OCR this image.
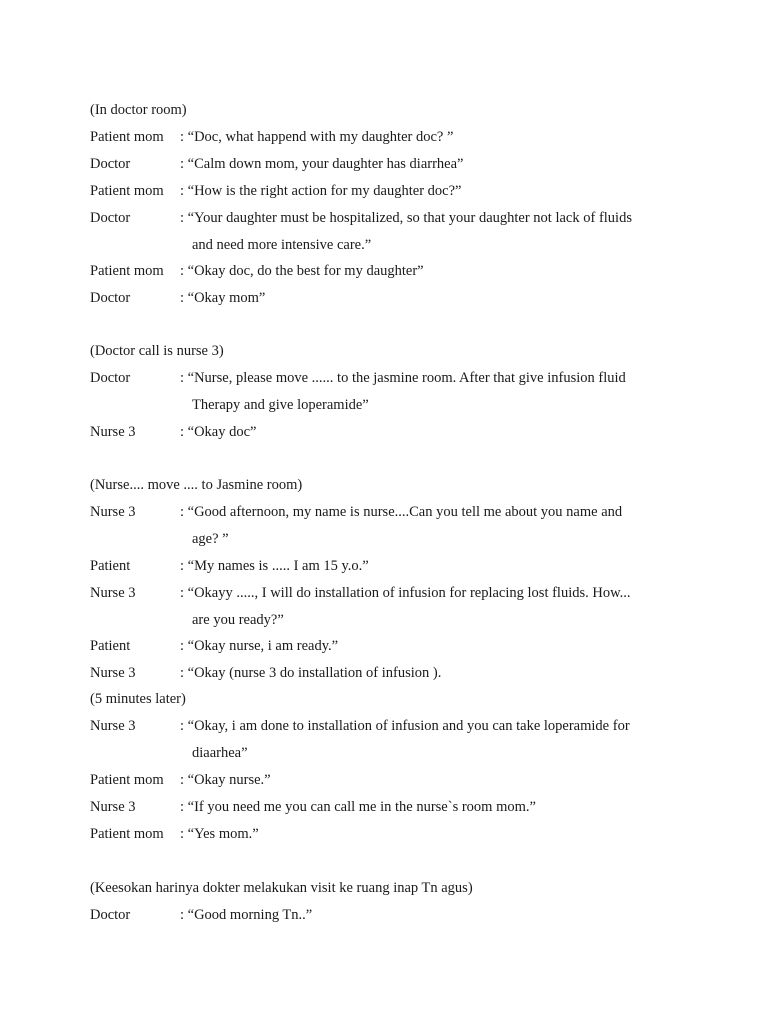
(In doctor room)
Patient mom	: “Doc, what happend with my daughter doc? ”
Doctor	: “Calm down mom, your daughter has diarrhea”
Patient mom	: “How is the right action for my daughter doc?”
Doctor	: “Your daughter must be hospitalized, so that your daughter not lack of fluids
and need more intensive care.”
Patient mom	: “Okay doc, do the best for my daughter”
Doctor	: “Okay mom”
(Doctor call is nurse 3)
Doctor	: “Nurse, please move ...... to the jasmine room. After that give infusion fluid
Therapy and give loperamide”
Nurse 3	: “Okay doc”
(Nurse.... move .... to Jasmine room)
Nurse 3	: “Good afternoon, my name is nurse....Can you tell me about you name and
age? ”
Patient	: “My names is ..... I am 15 y.o.”
Nurse 3	: “Okayy ....., I will do installation of infusion for replacing lost fluids. How...
are you ready?”
Patient	: “Okay nurse, i am ready.”
Nurse 3	: “Okay (nurse 3 do installation of infusion ).
(5 minutes later)
Nurse 3	: “Okay, i am done to installation of infusion and you can take loperamide for
diaarhea”
Patient mom	: “Okay nurse.”
Nurse 3	: “If you need me you can call me in the nurse`s room mom.”
Patient mom	: “Yes mom.”
(Keesokan harinya dokter melakukan visit ke ruang inap Tn agus)
Doctor	: “Good morning Tn..”
